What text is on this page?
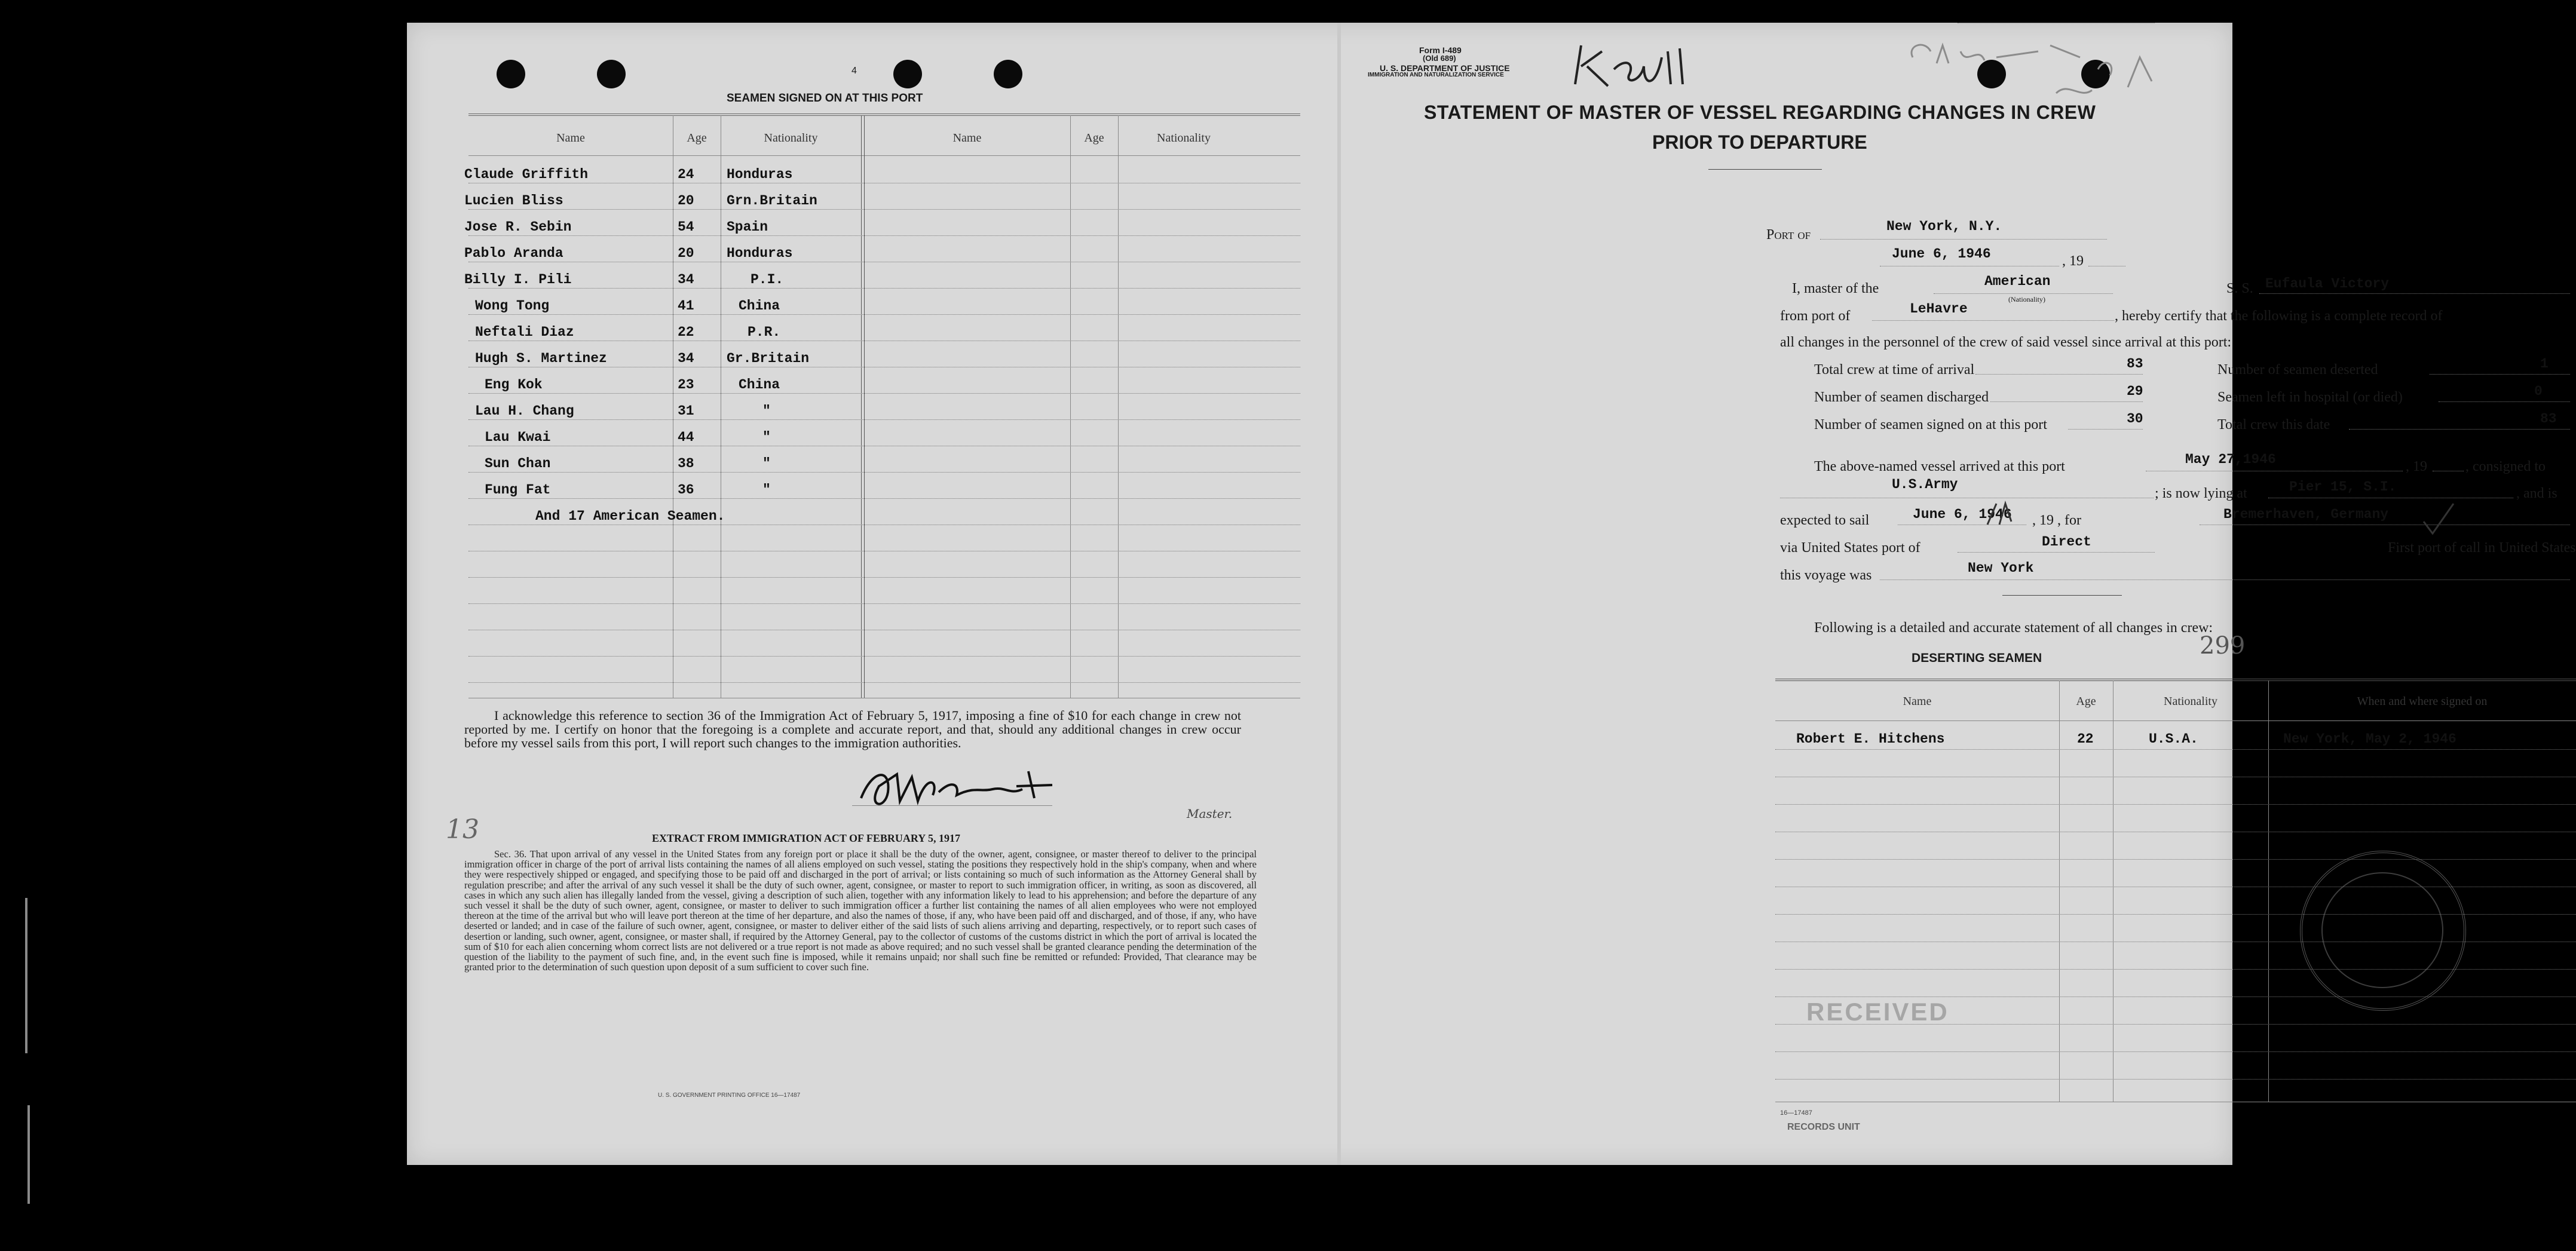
4
SEAMEN SIGNED ON AT THIS PORT
Name	Age	Nationality	Name	Age	Nationality
Claude Griffith	24 Honduras
Lucien Bliss	20 Grn.Britain
Jose R. Sebin	54 Spain
Pablo Aranda	20 Honduras
Billy I. Pili	34	P.I.
Wong Tong	41	China
Neftali Diaz	22	P.R.
Hugh S. Martinez	34 Gr.Britain
Eng Kok	23	China
Lau H. Chang	31	"
Lau Kwai	44	"
Sun Chan	38	"
Fung Fat	36	"
And 17 American Seamen.
I acknowledge this reference to section 36 of the Immigration Act of February 5, 1917, imposing a fine of $10 for each change in crew not reported by me. I certify on honor that the foregoing is a complete and accurate report, and that, should any additional changes in crew occur before my vessel sails from this port, I will report such changes to the immigration authorities.
Master.
13	EXTRACT FROM IMMIGRATION ACT OF FEBRUARY 5, 1917
Sec. 36. That upon arrival of any vessel in the United States from any foreign port or place it shall be the duty of the owner, agent, consignee, or master thereof to deliver to the principal immigration officer in charge of the port of arrival lists containing the names of all aliens employed on such vessel, stating the positions they respectively hold in the ship's company, when and where they were respectively shipped or engaged, and specifying those to be paid off and discharged in the port of arrival; or lists containing so much of such information as the Attorney General shall by regulation prescribe; and after the arrival of any such vessel it shall be the duty of such owner, agent, consignee, or master to report to such immigration officer, in writing, as soon as discovered, all cases in which any such alien has illegally landed from the vessel, giving a description of such alien, together with any information likely to lead to his apprehension; and before the departure of any such vessel it shall be the duty of such owner, agent, consignee, or master to deliver to such immigration officer a further list containing the names of all alien employees who were not employed thereon at the time of the arrival but who will leave port thereon at the time of her departure, and also the names of those, if any, who have been paid off and discharged, and of those, if any, who have deserted or landed; and in case of the failure of such owner, agent, consignee, or master to deliver either of the said lists of such aliens arriving and departing, respectively, or to report such cases of desertion or landing, such owner, agent, consignee, or master shall, if required by the Attorney General, pay to the collector of customs of the customs district in which the port of arrival is located the sum of $10 for each alien concerning whom correct lists are not delivered or a true report is not made as above required; and no such vessel shall be granted clearance pending the determination of the question of the liability to the payment of such fine, and, in the event such fine is imposed, while it remains unpaid; nor shall such fine be remitted or refunded: Provided, That clearance may be granted prior to the determination of such question upon deposit of a sum sufficient to cover such fine.
U. S. GOVERNMENT PRINTING OFFICE 16—17487
Form I-489
(Old 689)
U. S. DEPARTMENT OF JUSTICE
IMMIGRATION AND NATURALIZATION SERVICE
STATEMENT OF MASTER OF VESSEL REGARDING CHANGES IN CREW
PRIOR TO DEPARTURE
Port of
New York, N.Y.
June 6, 1946	, 19
I, master of the	American
(Nationality)
S. S. Eufaula Victory
from port of	LeHavre	, hereby certify that the following is a complete record of
all changes in the personnel of the crew of said vessel since arrival at this port:
Total crew at time of arrival	83	Number of seamen deserted	1
Number of seamen discharged	29	Seamen left in hospital (or died)	0
Number of seamen signed on at this port	30	Total crew this date	83
The above-named vessel arrived at this port	May 27,1946	, 19	, consigned to
U.S.Army
; is now lying at	Pier 15, S.I.	, and is
expected to sail	June 6, 1946 , 19 , for	Bremerhaven, Germany
via United States port of	Direct	First port of call in United States
this voyage was	New York
Following is a detailed and accurate statement of all changes in crew:
DESERTING SEAMEN	299
Name	Age	Nationality	When and where signed on
Robert E. Hitchens	22	U.S.A.	New York, May 2, 1946
RECEIVED
16—17487
RECORDS UNIT
